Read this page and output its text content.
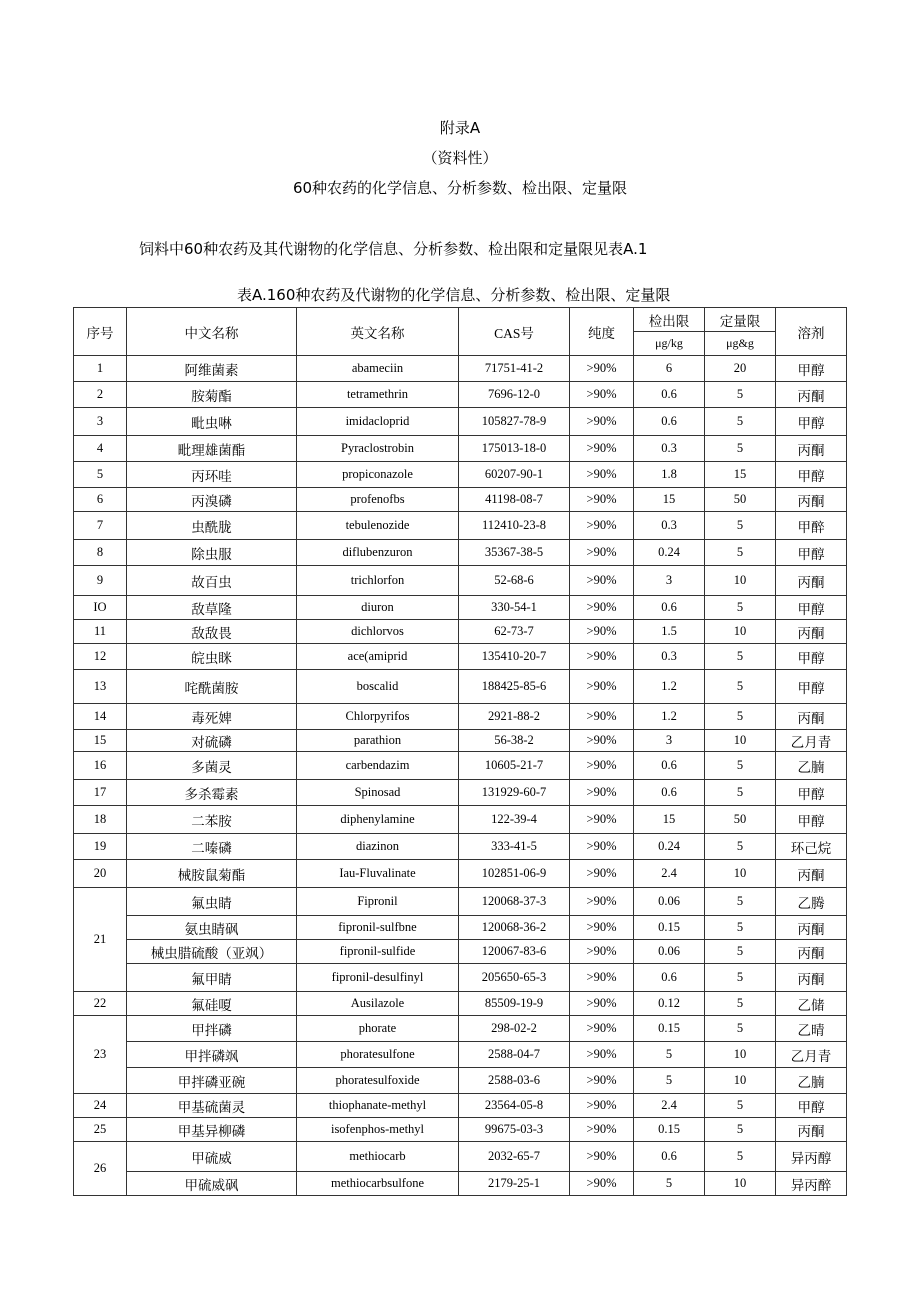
附录A
（资料性）
60种农药的化学信息、分析参数、检出限、定量限
饲料中60种农药及其代谢物的化学信息、分析参数、检出限和定量限见表A.1
表A.160种农药及代谢物的化学信息、分析参数、检出限、定量限
序号	中文名称	英文名称	CAS号	纯度	检出限	定量限	溶剂
					μg/kg	μg&g	
1	阿维菌素	abameciin	71751-41-2	>90%	6	20	甲醇
2	胺菊酯	tetramethrin	7696-12-0	>90%	0.6	5	丙酮
3	毗虫啉	imidacloprid	105827-78-9	>90%	0.6	5	甲醇
4	毗理雄菌酯	Pyraclostrobin	175013-18-0	>90%	0.3	5	丙酮
5	丙环哇	propiconazole	60207-90-1	>90%	1.8	15	甲醇
6	丙溴磷	profenofbs	41198-08-7	>90%	15	50	丙酮
7	虫酰胧	tebulenozide	112410-23-8	>90%	0.3	5	甲醉
8	除虫服	diflubenzuron	35367-38-5	>90%	0.24	5	甲醇
9	故百虫	trichlorfon	52-68-6	>90%	3	10	丙酮
IO	敌草隆	diuron	330-54-1	>90%	0.6	5	甲醇
11	敌敌畏	dichlorvos	62-73-7	>90%	1.5	10	丙酮
12	皖虫眯	ace(amiprid	135410-20-7	>90%	0.3	5	甲醇
13	咤酰菌胺	boscalid	188425-85-6	>90%	1.2	5	甲醇
14	毒死婢	Chlorpyrifos	2921-88-2	>90%	1.2	5	丙酮
15	对硫磷	parathion	56-38-2	>90%	3	10	乙月青
16	多菌灵	carbendazim	10605-21-7	>90%	0.6	5	乙腩
17	多杀霉素	Spinosad	131929-60-7	>90%	0.6	5	甲醇
18	二苯胺	diphenylamine	122-39-4	>90%	15	50	甲醇
19	二嗪磷	diazinon	333-41-5	>90%	0.24	5	环己烷
20	械胺鼠菊酯	Iau-Fluvalinate	102851-06-9	>90%	2.4	10	丙酮
21	氟虫睛	Fipronil	120068-37-3	>90%	0.06	5	乙腾
	氨虫睛砜	fipronil-sulfbne	120068-36-2	>90%	0.15	5	丙酮
	械虫腊硫酸（亚飒）	fipronil-sulfide	120067-83-6	>90%	0.06	5	丙酮
	氟甲睛	fipronil-desulfinyl	205650-65-3	>90%	0.6	5	丙酮
22	氟硅嗄	Ausilazole	85509-19-9	>90%	0.12	5	乙储
23	甲拌磷	phorate	298-02-2	>90%	0.15	5	乙晴
	甲拌磷飒	phoratesulfone	2588-04-7	>90%	5	10	乙月青
	甲拌磷亚碗	phoratesulfoxide	2588-03-6	>90%	5	10	乙腩
24	甲基硫菌灵	thiophanate-methyl	23564-05-8	>90%	2.4	5	甲醇
25	甲基异柳磷	isofenphos-methyl	99675-03-3	>90%	0.15	5	丙酮
26	甲硫威	methiocarb	2032-65-7	>90%	0.6	5	异丙醇
	甲硫威砜	methiocarbsulfone	2179-25-1	>90%	5	10	异丙醉
